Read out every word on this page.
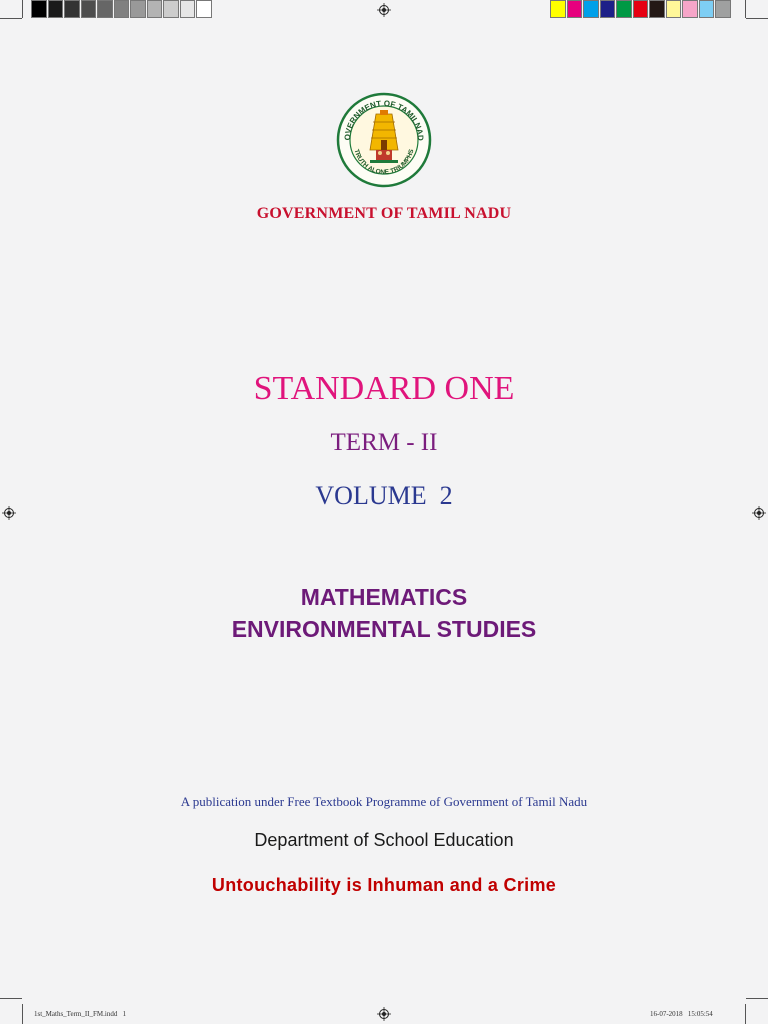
OVERNMENT OF TAMILNAD
TRUTH ALONE TRIUMPHS
GOVERNMENT OF TAMIL NADU
STANDARD ONE
TERM - II
VOLUME  2
MATHEMATICS
ENVIRONMENTAL STUDIES
A publication under Free Textbook Programme of Government of Tamil Nadu
Department of School Education
Untouchability is Inhuman and a Crime
1st_Maths_Term_II_FM.indd   1	16-07-2018   15:05:54
